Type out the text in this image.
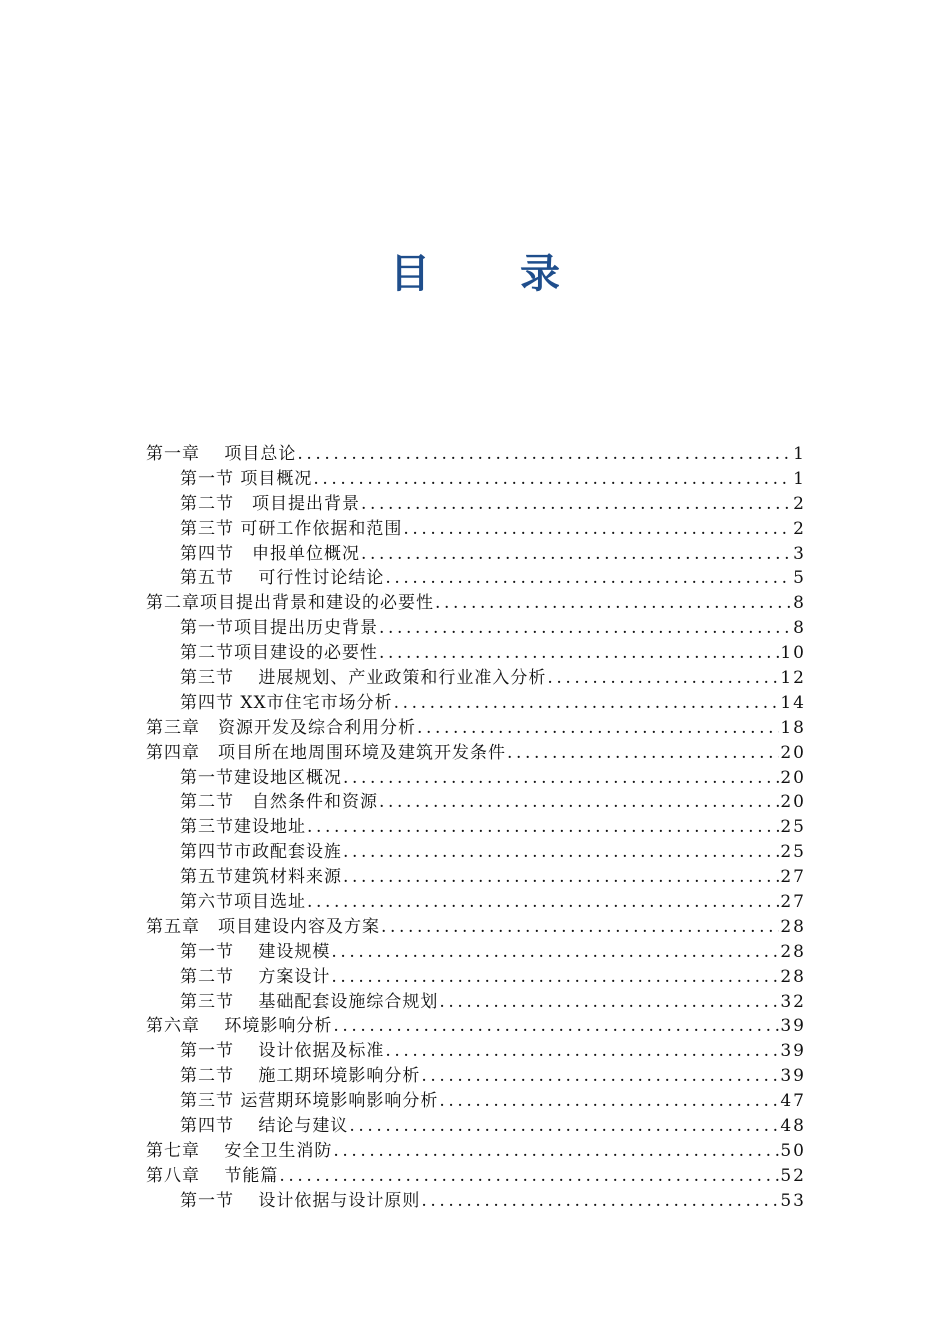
目 录
第一章　 项目总论 .....	1
第一节 项目概况 .....	1
第二节　项目提出背景 .....	2
第三节 可研工作依据和范围 .....	2
第四节　申报单位概况 .....	3
第五节　 可行性讨论结论 .....	5
第二章项目提出背景和建设的必要性 .....	8
第一节项目提出历史背景 .....	8
第二节项目建设的必要性 .....	10
第三节　 进展规划、产业政策和行业准入分析 .....	12
第四节 XX市住宅市场分析 .....	14
第三章　资源开发及综合利用分析 .....	18
第四章　项目所在地周围环境及建筑开发条件 .....	20
第一节建设地区概况 .....	20
第二节　自然条件和资源 .....	20
第三节建设地址 .....	25
第四节市政配套设旌 .....	25
第五节建筑材料来源 .....	27
第六节项目选址 .....	27
第五章　项目建设内容及方案 .....	28
第一节　 建设规模 .....	28
第二节　 方案设计 .....	28
第三节　 基础配套设施综合规划 .....	32
第六章　 环境影响分析 .....	39
第一节　 设计依据及标准 .....	39
第二节　 施工期环境影响分析 .....	39
第三节 运营期环境影响影响分析 .....	47
第四节　 结论与建议 .....	48
第七章　 安全卫生消防 .....	50
第八章　 节能篇 .....	52
第一节　 设计依据与设计原则 .....	53
